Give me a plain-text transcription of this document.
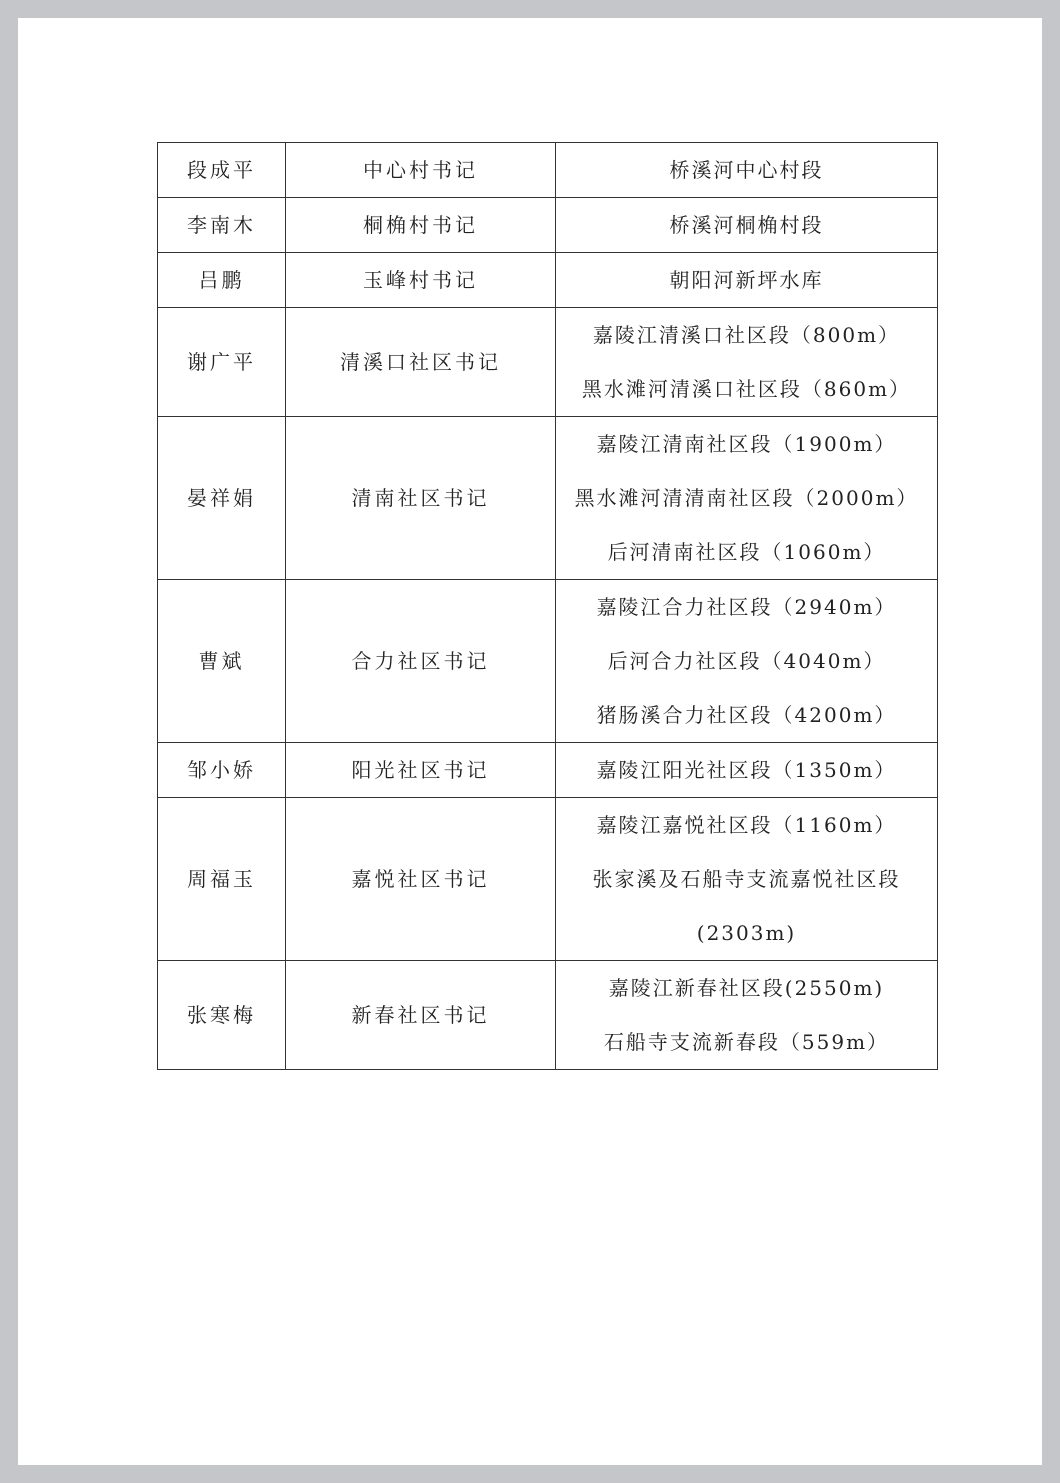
段成平	中心村书记	桥溪河中心村段

李南木	桐桷村书记	桥溪河桐桷村段

吕鹏	玉峰村书记	朝阳河新坪水库

谢广平	清溪口社区书记	嘉陵江清溪口社区段（800m）
黑水滩河清溪口社区段（860m）

晏祥娟	清南社区书记	嘉陵江清南社区段（1900m）
黑水滩河清清南社区段（2000m）
后河清南社区段（1060m）

曹斌	合力社区书记	嘉陵江合力社区段（2940m）
后河合力社区段（4040m）
猪肠溪合力社区段（4200m）

邹小娇	阳光社区书记	嘉陵江阳光社区段（1350m）

周福玉	嘉悦社区书记	嘉陵江嘉悦社区段（1160m）
张家溪及石船寺支流嘉悦社区段
(2303m)

张寒梅	新春社区书记	嘉陵江新春社区段(2550m)
石船寺支流新春段（559m）
